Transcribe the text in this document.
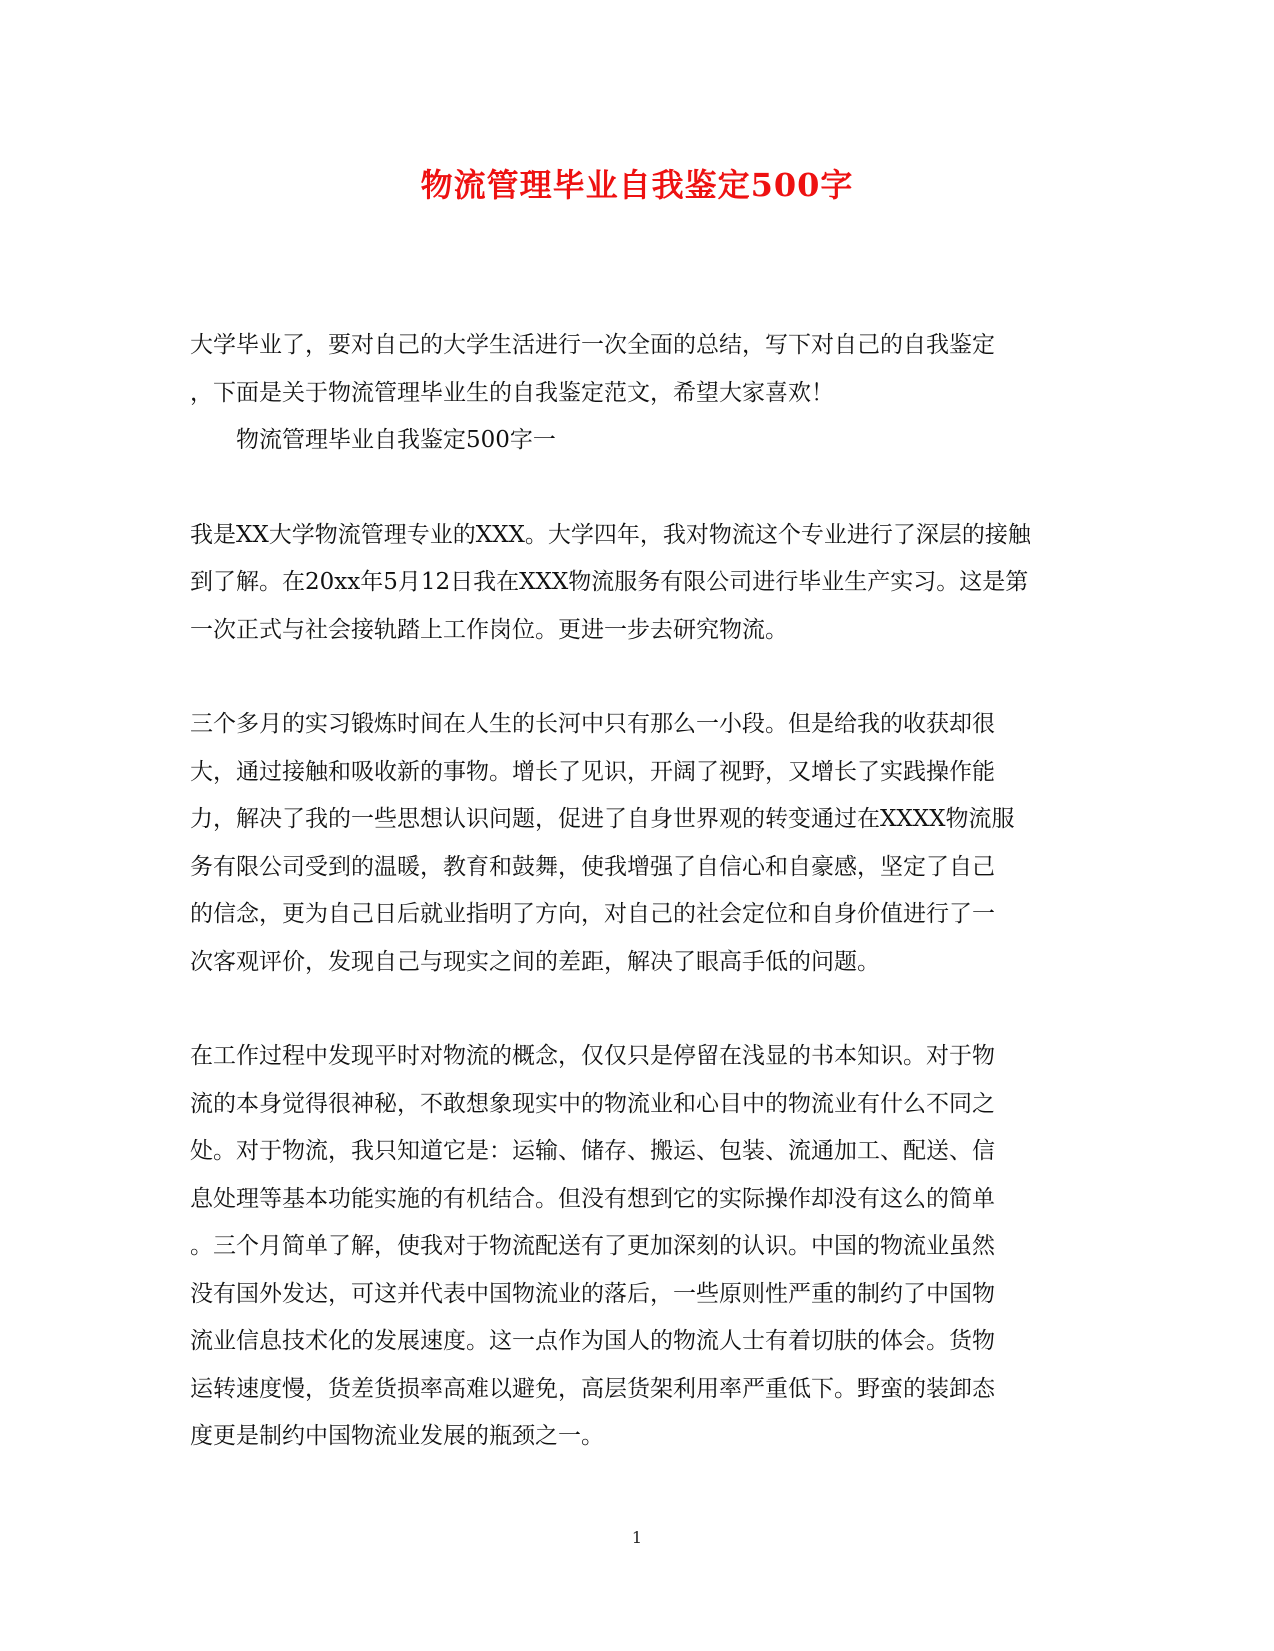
物流管理毕业自我鉴定500字

大学毕业了，要对自己的大学生活进行一次全面的总结，写下对自己的自我鉴定
，下面是关于物流管理毕业生的自我鉴定范文，希望大家喜欢！

物流管理毕业自我鉴定500字一

我是XX大学物流管理专业的XXX。大学四年，我对物流这个专业进行了深层的接触
到了解。在20xx年5月12日我在XXX物流服务有限公司进行毕业生产实习。这是第
一次正式与社会接轨踏上工作岗位。更进一步去研究物流。

三个多月的实习锻炼时间在人生的长河中只有那么一小段。但是给我的收获却很
大，通过接触和吸收新的事物。增长了见识，开阔了视野，又增长了实践操作能
力，解决了我的一些思想认识问题，促进了自身世界观的转变通过在XXXX物流服
务有限公司受到的温暖，教育和鼓舞，使我增强了自信心和自豪感，坚定了自己
的信念，更为自己日后就业指明了方向，对自己的社会定位和自身价值进行了一
次客观评价，发现自己与现实之间的差距，解决了眼高手低的问题。

在工作过程中发现平时对物流的概念，仅仅只是停留在浅显的书本知识。对于物
流的本身觉得很神秘，不敢想象现实中的物流业和心目中的物流业有什么不同之
处。对于物流，我只知道它是：运输、储存、搬运、包装、流通加工、配送、信
息处理等基本功能实施的有机结合。但没有想到它的实际操作却没有这么的简单
。三个月简单了解，使我对于物流配送有了更加深刻的认识。中国的物流业虽然
没有国外发达，可这并代表中国物流业的落后，一些原则性严重的制约了中国物
流业信息技术化的发展速度。这一点作为国人的物流人士有着切肤的体会。货物
运转速度慢，货差货损率高难以避免，高层货架利用率严重低下。野蛮的装卸态
度更是制约中国物流业发展的瓶颈之一。

1
